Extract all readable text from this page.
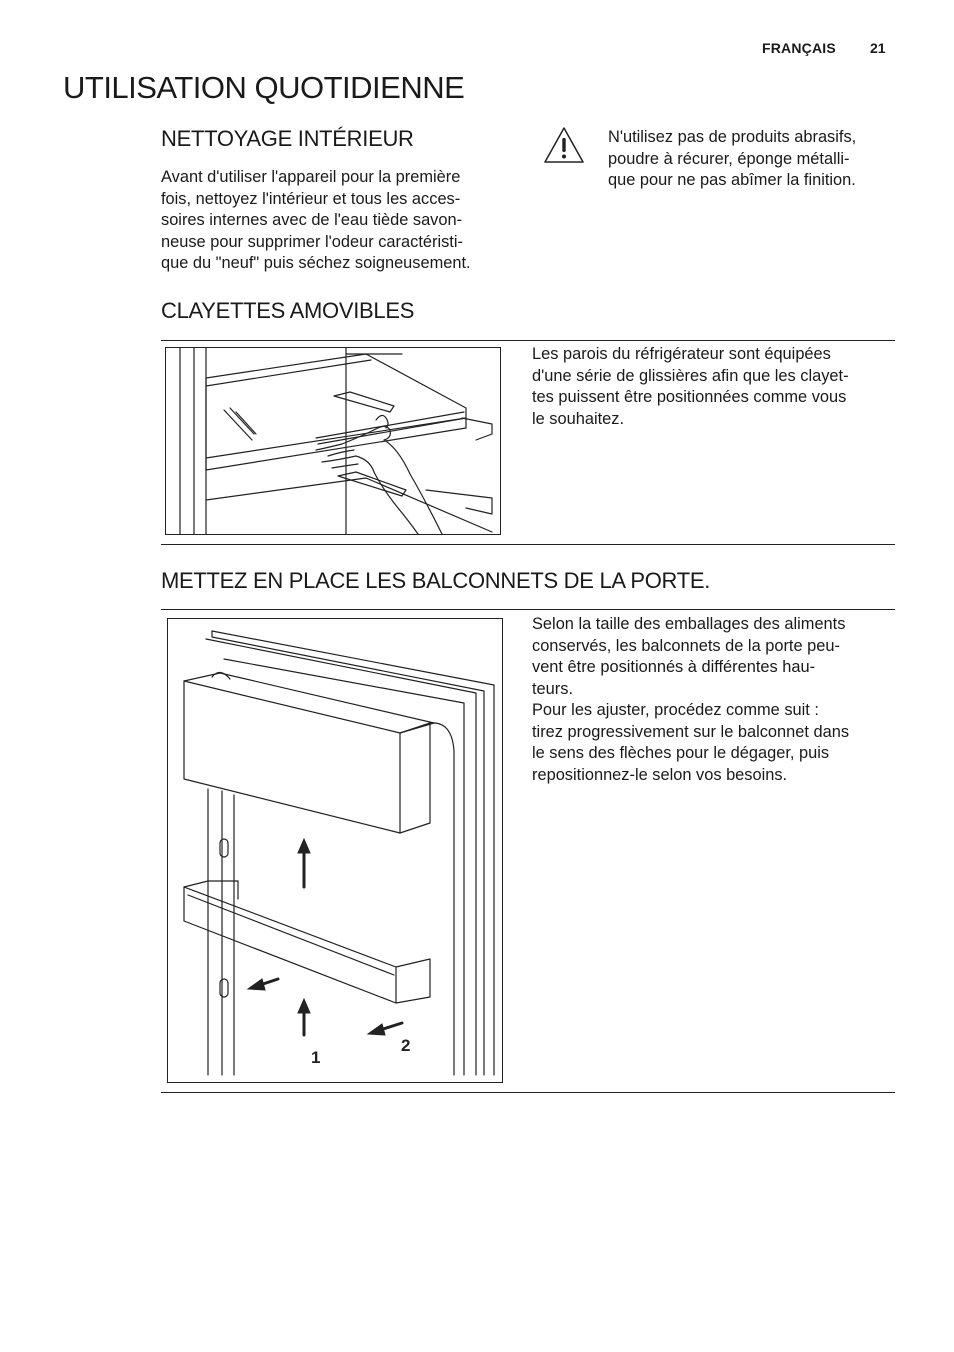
FRANÇAIS 21
UTILISATION QUOTIDIENNE
NETTOYAGE INTÉRIEUR
Avant d'utiliser l'appareil pour la première
fois, nettoyez l'intérieur et tous les acces-
soires internes avec de l'eau tiède savon-
neuse pour supprimer l'odeur caractéristi-
que du "neuf" puis séchez soigneusement.
N'utilisez pas de produits abrasifs,
poudre à récurer, éponge métalli-
que pour ne pas abîmer la finition.
CLAYETTES AMOVIBLES
Les parois du réfrigérateur sont équipées
d'une série de glissières afin que les clayet-
tes puissent être positionnées comme vous
le souhaitez.
METTEZ EN PLACE LES BALCONNETS DE LA PORTE.
1
2
Selon la taille des emballages des aliments
conservés, les balconnets de la porte peu-
vent être positionnés à différentes hau-
teurs.
Pour les ajuster, procédez comme suit :
tirez progressivement sur le balconnet dans
le sens des flèches pour le dégager, puis
repositionnez-le selon vos besoins.
